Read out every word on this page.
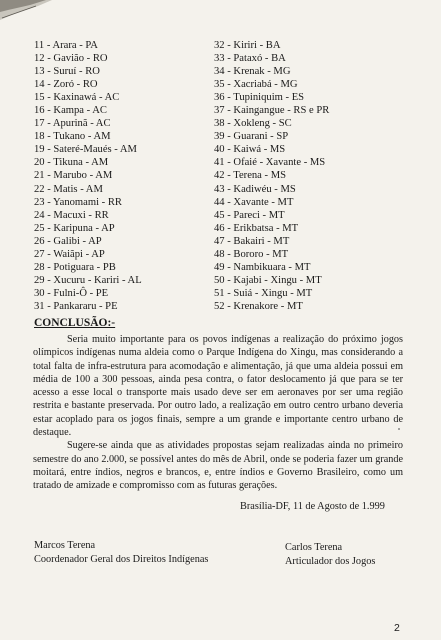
11 - Arara - PA
12 - Gavião - RO
13 - Suruí - RO
14 - Zoró - RO
15 - Kaxinawá - AC
16 - Kampa - AC
17 - Apurinã - AC
18 - Tukano - AM
19 - Sateré-Maués - AM
20 - Tikuna - AM
21 - Marubo - AM
22 - Matis - AM
23 - Yanomami - RR
24 - Macuxi - RR
25 - Karipuna - AP
26 - Galibi - AP
27 - Waiãpi - AP
28 - Potiguara - PB
29 - Xucuru - Kariri - AL
30 - Fulni-Ô - PE
31 - Pankararu - PE
32 - Kiriri - BA
33 - Pataxó - BA
34 - Krenak - MG
35 - Xacriabá - MG
36 - Tupiniquim - ES
37 - Kaingangue - RS e PR
38 - Xokleng - SC
39 - Guarani - SP
40 - Kaiwá - MS
41 - Ofaié - Xavante - MS
42 - Terena - MS
43 - Kadiwéu - MS
44 - Xavante - MT
45 - Pareci - MT
46 - Erikbatsa - MT
47 - Bakairi - MT
48 - Bororo - MT
49 - Nambikuara - MT
50 - Kajabi - Xingu - MT
51 - Suiá - Xingu - MT
52 - Krenakore - MT
CONCLUSÃO:-

Seria muito importante para os povos indígenas a realização do próximo jogos olímpicos indígenas numa aldeia como o Parque Indígena do Xingu, mas considerando a total falta de infra-estrutura para acomodação e alimentação, já que uma aldeia possui em média de 100 a 300 pessoas, ainda pesa contra, o fator deslocamento já que para se ter acesso a esse local o transporte mais usado deve ser em aeronaves por ser uma região restrita e bastante preservada. Por outro lado, a realização em outro centro urbano deveria estar acoplado para os jogos finais, sempre a um grande e importante centro urbano de destaque.

Sugere-se ainda que as atividades propostas sejam realizadas ainda no primeiro semestre do ano 2.000, se possível antes do mês de Abril, onde se poderia fazer um grande moitará, entre índios, negros e brancos, e, entre índios e Governo Brasileiro, como um tratado de amizade e compromisso com as futuras gerações.

Brasília-DF, 11 de Agosto de 1.999
Marcos Terena
Coordenador Geral dos Direitos Indígenas
Carlos Terena
Articulador dos Jogos
2
